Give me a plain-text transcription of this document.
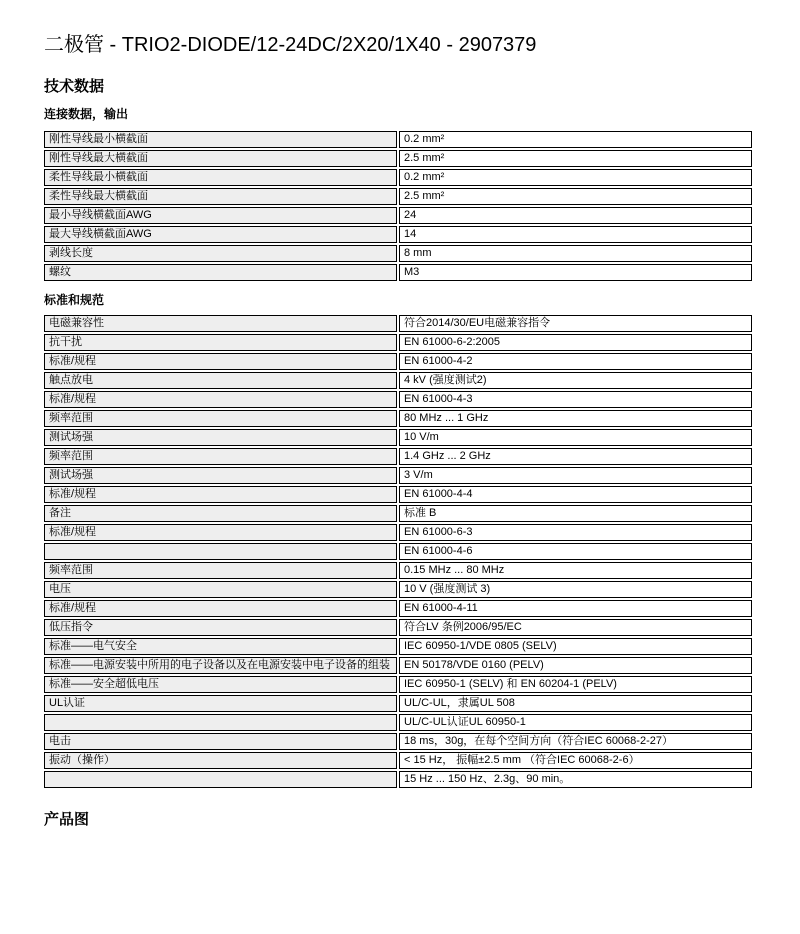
二极管 - TRIO2-DIODE/12-24DC/2X20/1X40 - 2907379
技术数据
连接数据，输出
刚性导线最小横截面	0.2 mm²
刚性导线最大横截面	2.5 mm²
柔性导线最小横截面	0.2 mm²
柔性导线最大横截面	2.5 mm²
最小导线横截面AWG	24
最大导线横截面AWG	14
剥线长度	8 mm
螺纹	M3
标准和规范
电磁兼容性	符合2014/30/EU电磁兼容指令
抗干扰	EN 61000-6-2:2005
标准/规程	EN 61000-4-2
触点放电	4 kV (强度测试2)
标准/规程	EN 61000-4-3
频率范围	80 MHz ... 1 GHz
测试场强	10 V/m
频率范围	1.4 GHz ... 2 GHz
测试场强	3 V/m
标准/规程	EN 61000-4-4
备注	标准 B
标准/规程	EN 61000-6-3
	EN 61000-4-6
频率范围	0.15 MHz ... 80 MHz
电压	10 V (强度测试 3)
标准/规程	EN 61000-4-11
低压指令	符合LV 条例2006/95/EC
标准——电气安全	IEC 60950-1/VDE 0805 (SELV)
标准——电源安装中所用的电子设备以及在电源安装中电子设备的组装	EN 50178/VDE 0160 (PELV)
标准——安全超低电压	IEC 60950-1 (SELV) 和 EN 60204-1 (PELV)
UL认证	UL/C-UL，隶属UL 508
	UL/C-UL认证UL 60950-1
电击	18 ms，30g，在每个空间方向（符合IEC 60068-2-27）
振动（操作）	< 15 Hz， 振幅±2.5 mm （符合IEC 60068-2-6）
	15 Hz ... 150 Hz、2.3g、90 min。
产品图
